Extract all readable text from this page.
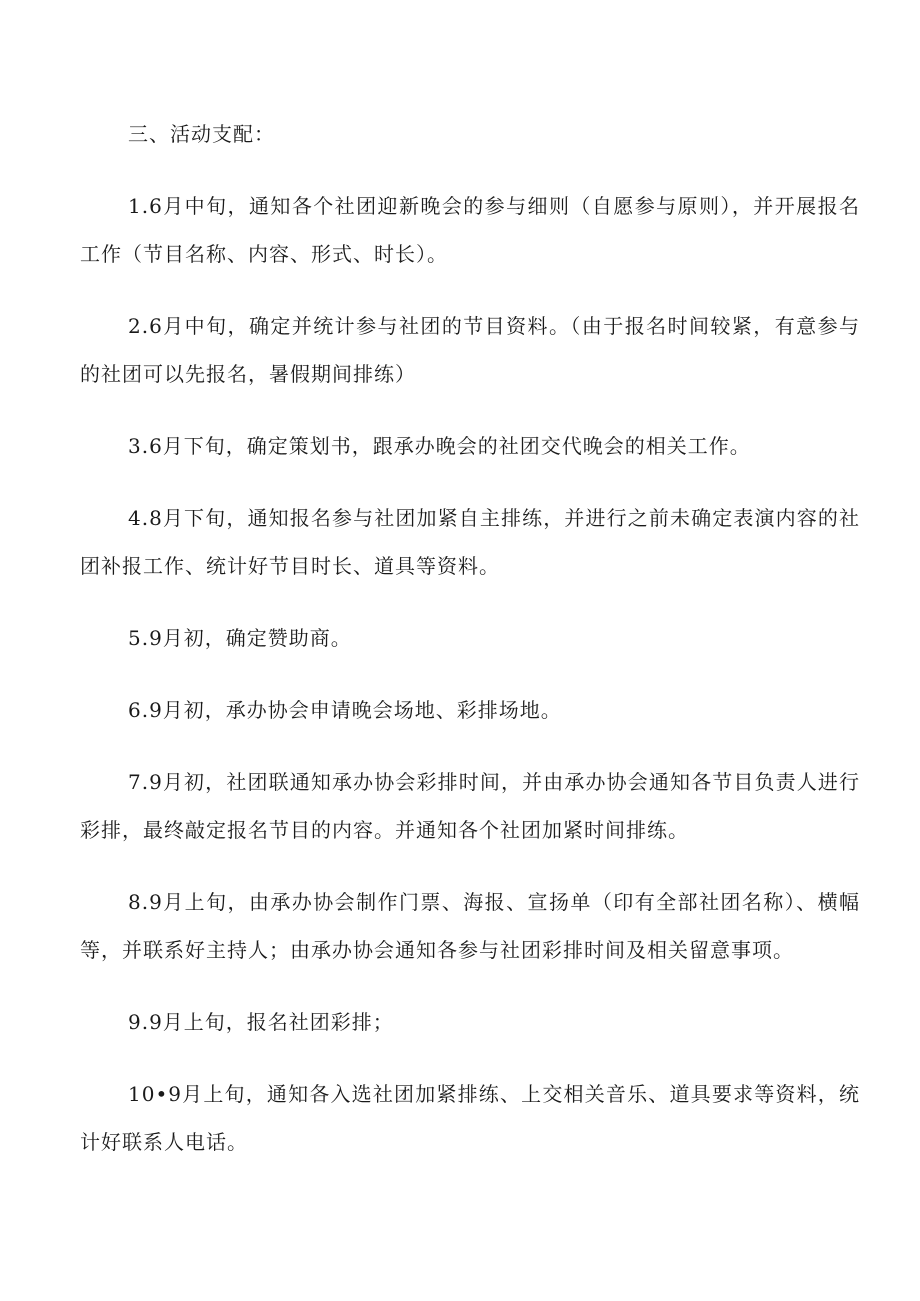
三、活动支配：

1.6月中旬，通知各个社团迎新晚会的参与细则（自愿参与原则），并开展报名工作（节目名称、内容、形式、时长）。

2.6月中旬，确定并统计参与社团的节目资料。（由于报名时间较紧，有意参与的社团可以先报名，暑假期间排练）

3.6月下旬，确定策划书，跟承办晚会的社团交代晚会的相关工作。

4.8月下旬，通知报名参与社团加紧自主排练，并进行之前未确定表演内容的社团补报工作、统计好节目时长、道具等资料。

5.9月初，确定赞助商。

6.9月初，承办协会申请晚会场地、彩排场地。

7.9月初，社团联通知承办协会彩排时间，并由承办协会通知各节目负责人进行彩排，最终敲定报名节目的内容。并通知各个社团加紧时间排练。

8.9月上旬，由承办协会制作门票、海报、宣扬单（印有全部社团名称）、横幅等，并联系好主持人；由承办协会通知各参与社团彩排时间及相关留意事项。

9.9月上旬，报名社团彩排；

10•9月上旬，通知各入选社团加紧排练、上交相关音乐、道具要求等资料，统计好联系人电话。
